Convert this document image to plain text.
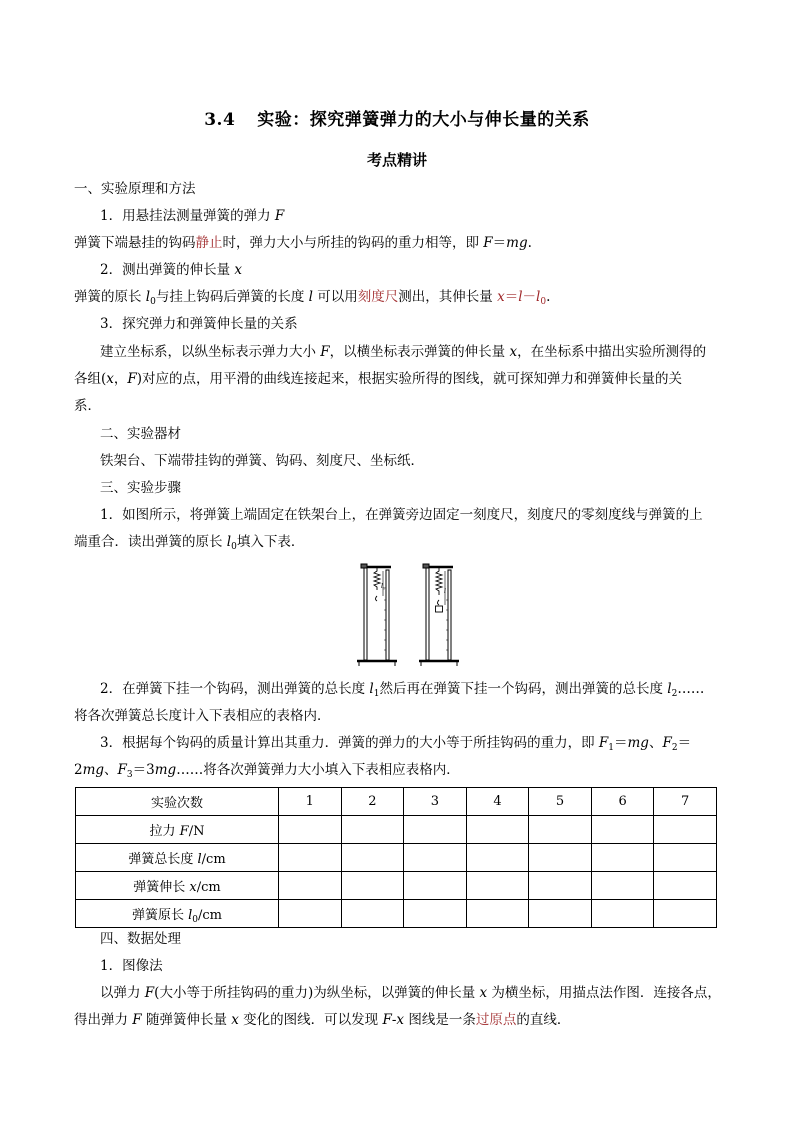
3.4 实验：探究弹簧弹力的大小与伸长量的关系
考点精讲
一、实验原理和方法
1．用悬挂法测量弹簧的弹力 F
弹簧下端悬挂的钩码静止时，弹力大小与所挂的钩码的重力相等，即 F＝mg.
2．测出弹簧的伸长量 x
弹簧的原长 $l_0$与挂上钩码后弹簧的长度 l 可以用刻度尺测出，其伸长量 $x=l-l_0$.
3．探究弹力和弹簧伸长量的关系
建立坐标系，以纵坐标表示弹力大小 F，以横坐标表示弹簧的伸长量 x，在坐标系中描出实验所测得的
各组(x，F)对应的点，用平滑的曲线连接起来，根据实验所得的图线，就可探知弹力和弹簧伸长量的关
系．
二、实验器材
铁架台、下端带挂钩的弹簧、钩码、刻度尺、坐标纸．
三、实验步骤
1．如图所示，将弹簧上端固定在铁架台上，在弹簧旁边固定一刻度尺，刻度尺的零刻度线与弹簧的上
端重合．读出弹簧的原长 $l_0$填入下表．
$l_0$	l
2．在弹簧下挂一个钩码，测出弹簧的总长度 $l_1$然后再在弹簧下挂一个钩码，测出弹簧的总长度 $l_2\dots\dots$
将各次弹簧总长度计入下表相应的表格内．
3．根据每个钩码的质量计算出其重力．弹簧的弹力的大小等于所挂钩码的重力，即 $F_1=mg$、$F_2=$
2mg、$F_3=3mg\dots\dots$将各次弹簧弹力大小填入下表相应表格内．
实验次数	1	2	3	4	5	6	7
拉力 F/N							
弹簧总长度 l/cm							
弹簧伸长 x/cm							
弹簧原长 $l_0/cm$							
四、数据处理
1．图像法
以弹力 F(大小等于所挂钩码的重力)为纵坐标，以弹簧的伸长量 x 为横坐标，用描点法作图．连接各点，
得出弹力 F 随弹簧伸长量 x 变化的图线．可以发现 F-x 图线是一条过原点的直线．
